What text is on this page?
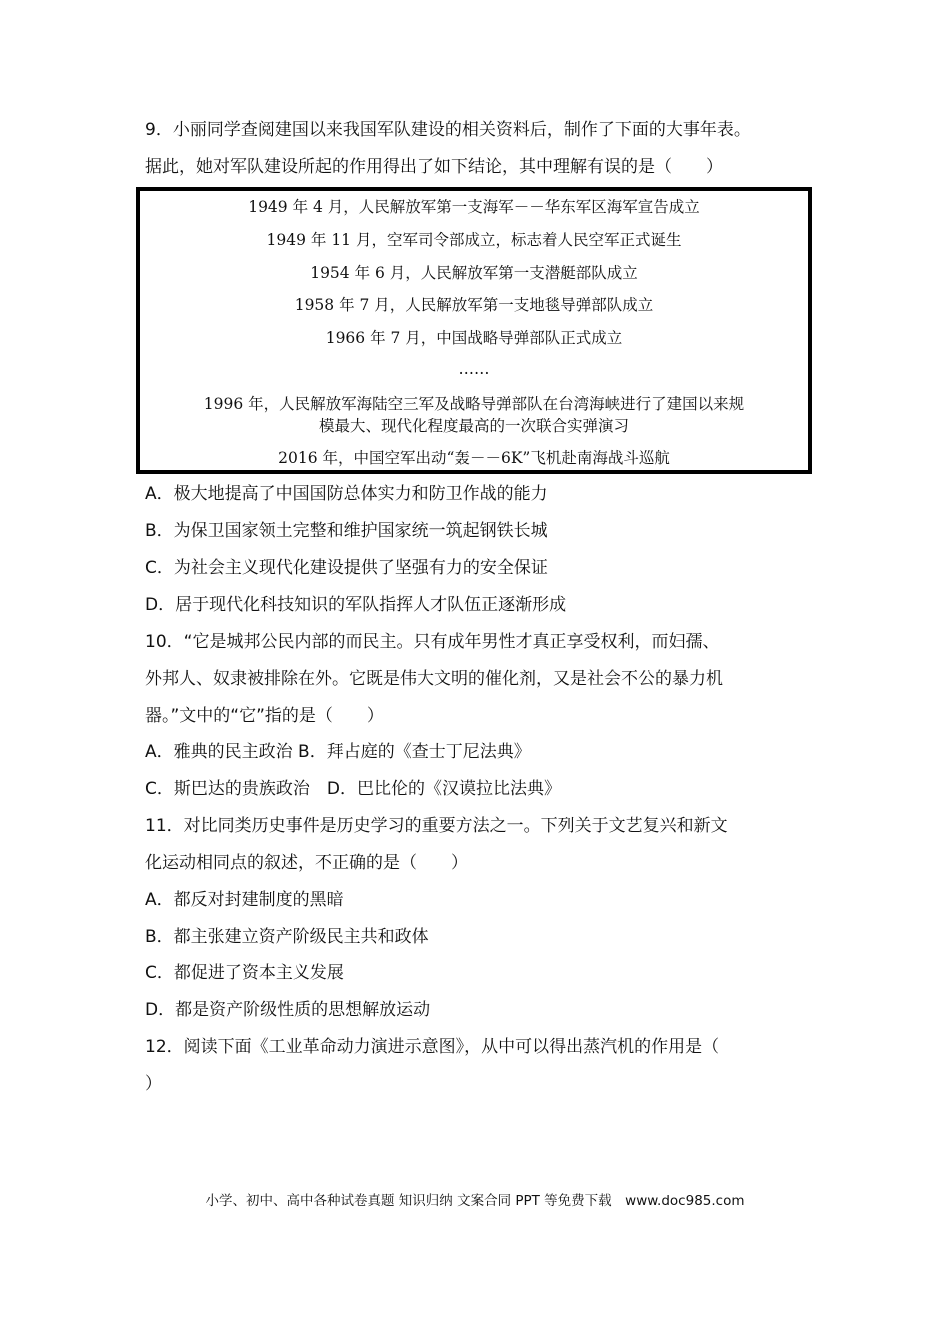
9．小丽同学查阅建国以来我国军队建设的相关资料后，制作了下面的大事年表。
据此，她对军队建设所起的作用得出了如下结论，其中理解有误的是（　　）
1949 年 4 月，人民解放军第一支海军－－华东军区海军宣告成立
1949 年 11 月，空军司令部成立，标志着人民空军正式诞生
1954 年 6 月，人民解放军第一支潜艇部队成立
1958 年 7 月，人民解放军第一支地毯导弹部队成立
1966 年 7 月，中国战略导弹部队正式成立
……
1996 年，人民解放军海陆空三军及战略导弹部队在台湾海峡进行了建国以来规
模最大、现代化程度最高的一次联合实弹演习
2016 年，中国空军出动“轰－－6K”飞机赴南海战斗巡航
A．极大地提高了中国国防总体实力和防卫作战的能力
B．为保卫国家领土完整和维护国家统一筑起钢铁长城
C．为社会主义现代化建设提供了坚强有力的安全保证
D．居于现代化科技知识的军队指挥人才队伍正逐渐形成
10．“它是城邦公民内部的而民主。只有成年男性才真正享受权利，而妇孺、
外邦人、奴隶被排除在外。它既是伟大文明的催化剂，又是社会不公的暴力机
器。”文中的“它”指的是（　　）
A．雅典的民主政治 B．拜占庭的《查士丁尼法典》
C．斯巴达的贵族政治　D．巴比伦的《汉谟拉比法典》
11．对比同类历史事件是历史学习的重要方法之一。下列关于文艺复兴和新文
化运动相同点的叙述，不正确的是（　　）
A．都反对封建制度的黑暗
B．都主张建立资产阶级民主共和政体
C．都促进了资本主义发展
D．都是资产阶级性质的思想解放运动
12．阅读下面《工业革命动力演进示意图》，从中可以得出蒸汽机的作用是（
）
小学、初中、高中各种试卷真题 知识归纳 文案合同 PPT 等免费下载　www.doc985.com
